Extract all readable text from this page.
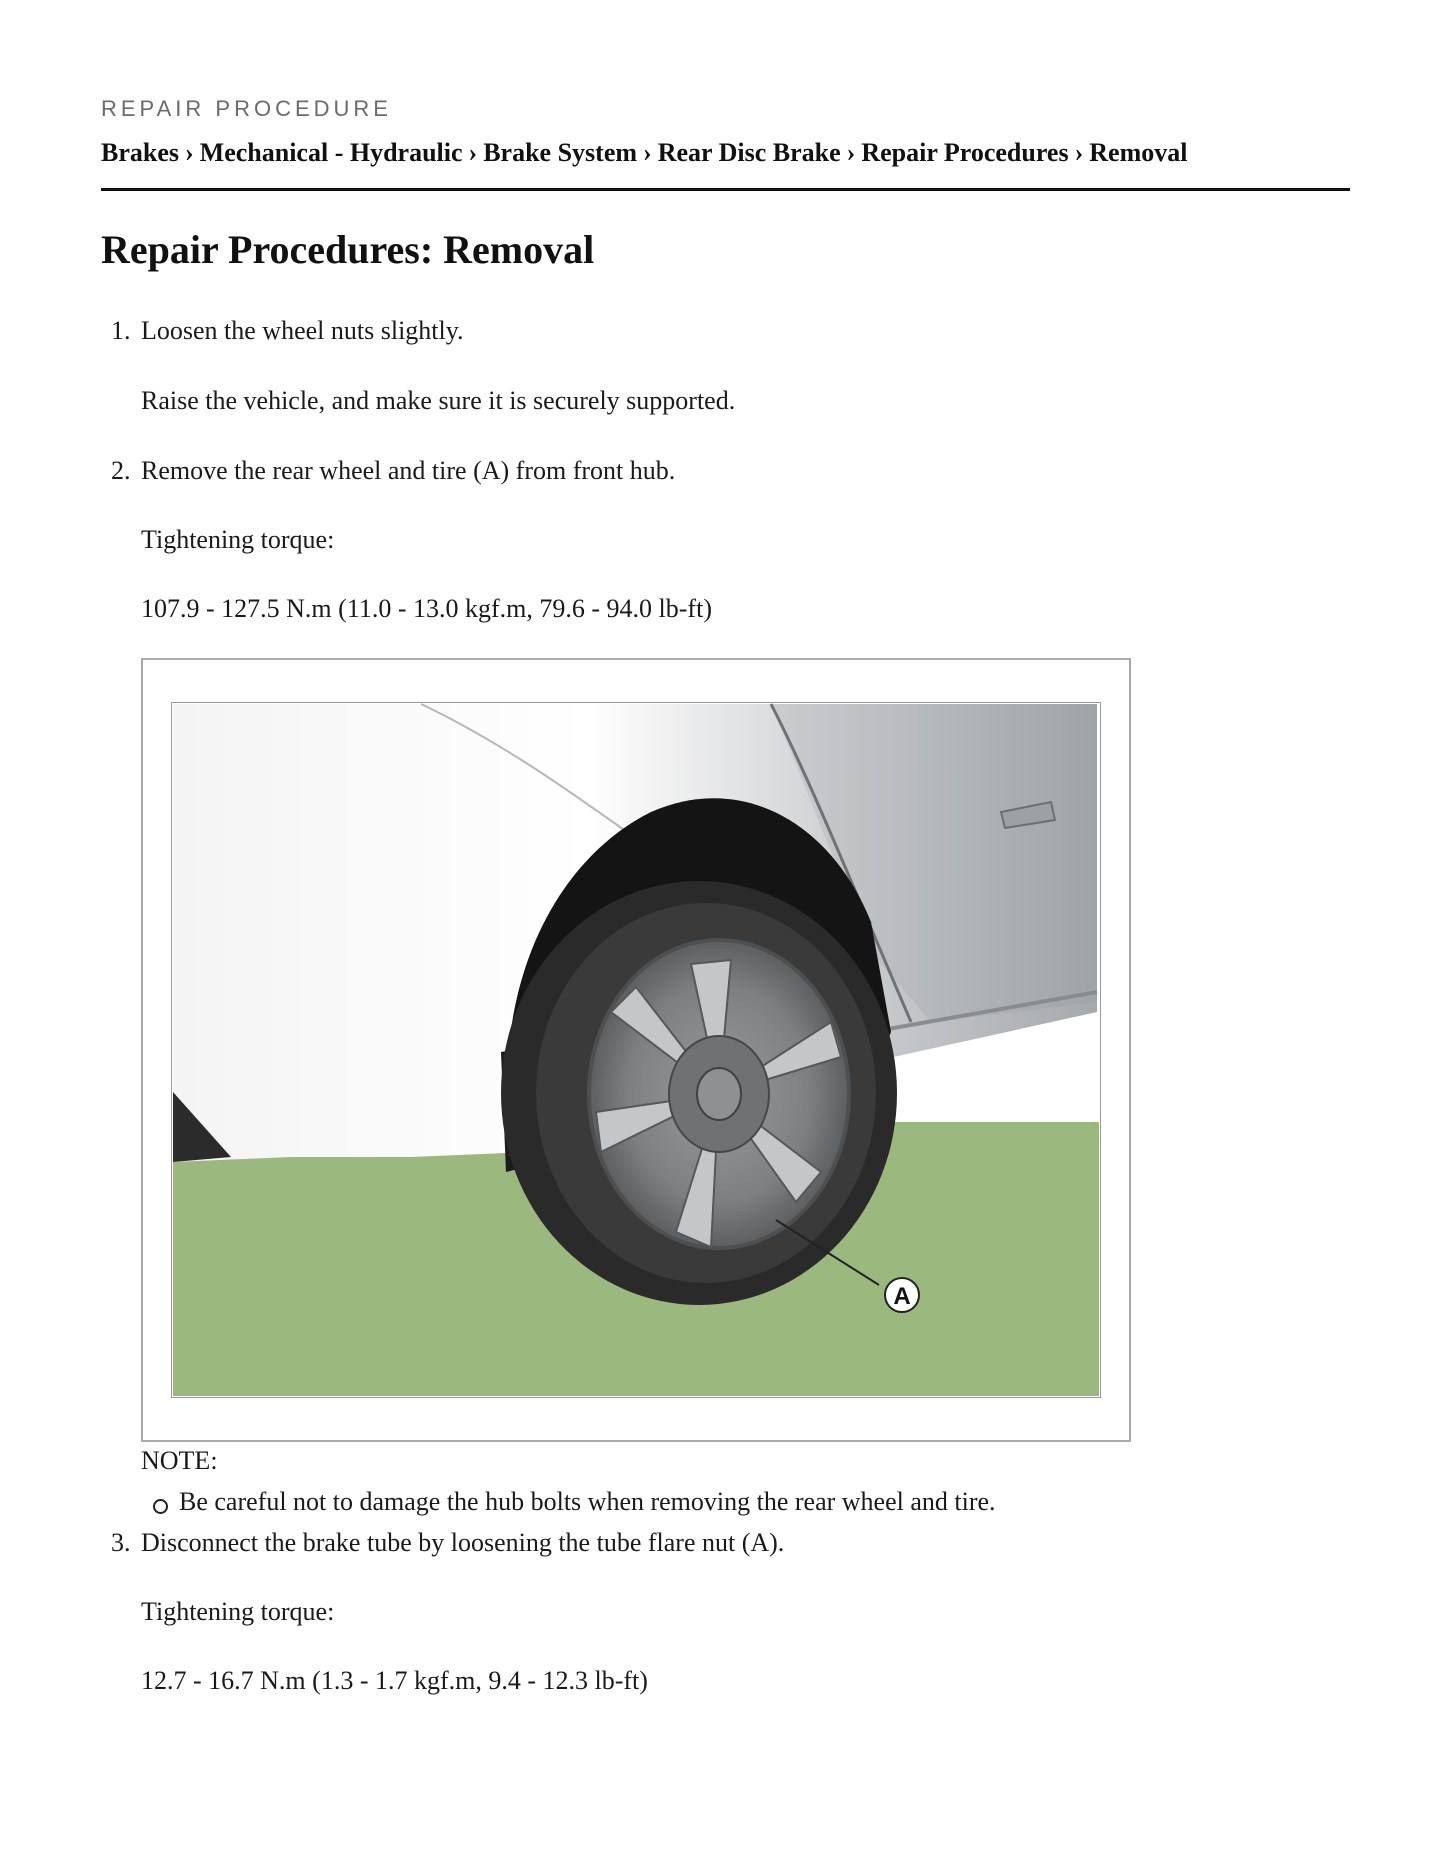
REPAIR PROCEDURE
Brakes › Mechanical - Hydraulic › Brake System › Rear Disc Brake › Repair Procedures › Removal
Repair Procedures: Removal
1. Loosen the wheel nuts slightly.
Raise the vehicle, and make sure it is securely supported.
2. Remove the rear wheel and tire (A) from front hub.
Tightening torque:
107.9 - 127.5 N.m (11.0 - 13.0 kgf.m, 79.6 - 94.0 lb-ft)
A
NOTE:
Be careful not to damage the hub bolts when removing the rear wheel and tire.
3. Disconnect the brake tube by loosening the tube flare nut (A).
Tightening torque:
12.7 - 16.7 N.m (1.3 - 1.7 kgf.m, 9.4 - 12.3 lb-ft)
